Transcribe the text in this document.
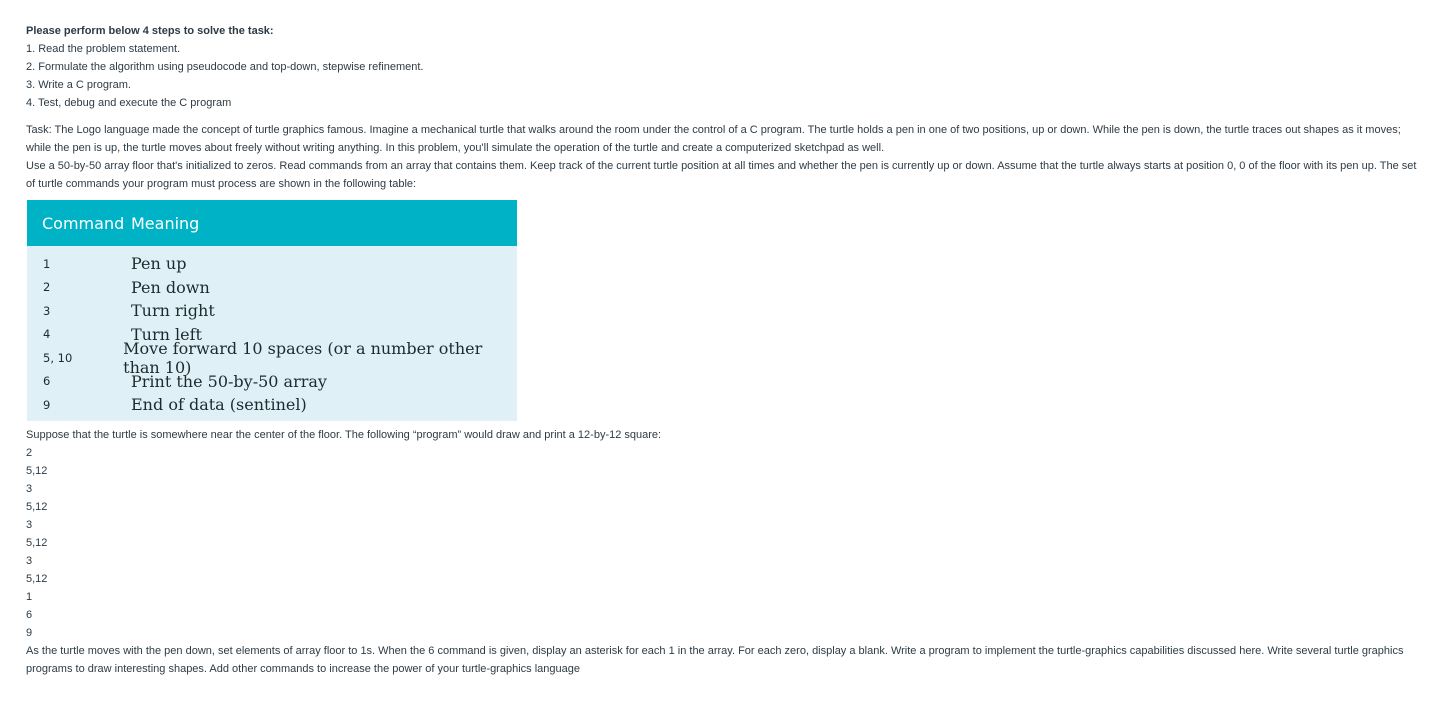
Please perform below 4 steps to solve the task:
1. Read the problem statement.
2. Formulate the algorithm using pseudocode and top-down, stepwise refinement.
3. Write a C program.
4. Test, debug and execute the C program
Task: The Logo language made the concept of turtle graphics famous. Imagine a mechanical turtle that walks around the room under the control of a C program. The turtle holds a pen in one of two positions, up or down. While the pen is down, the turtle traces out shapes as it moves; while the pen is up, the turtle moves about freely without writing anything. In this problem, you'll simulate the operation of the turtle and create a computerized sketchpad as well.
Use a 50-by-50 array floor that's initialized to zeros. Read commands from an array that contains them. Keep track of the current turtle position at all times and whether the pen is currently up or down. Assume that the turtle always starts at position 0, 0 of the floor with its pen up. The set of turtle commands your program must process are shown in the following table:
Command Meaning
1	Pen up
2	Pen down
3	Turn right
4	Turn left
5, 10	Move forward 10 spaces (or a number other than 10)
6	Print the 50-by-50 array
9	End of data (sentinel)
Suppose that the turtle is somewhere near the center of the floor. The following “program” would draw and print a 12-by-12 square:
2
5,12
3
5,12
3
5,12
3
5,12
1
6
9
As the turtle moves with the pen down, set elements of array floor to 1s. When the 6 command is given, display an asterisk for each 1 in the array. For each zero, display a blank. Write a program to implement the turtle-graphics capabilities discussed here. Write several turtle graphics programs to draw interesting shapes. Add other commands to increase the power of your turtle-graphics language
